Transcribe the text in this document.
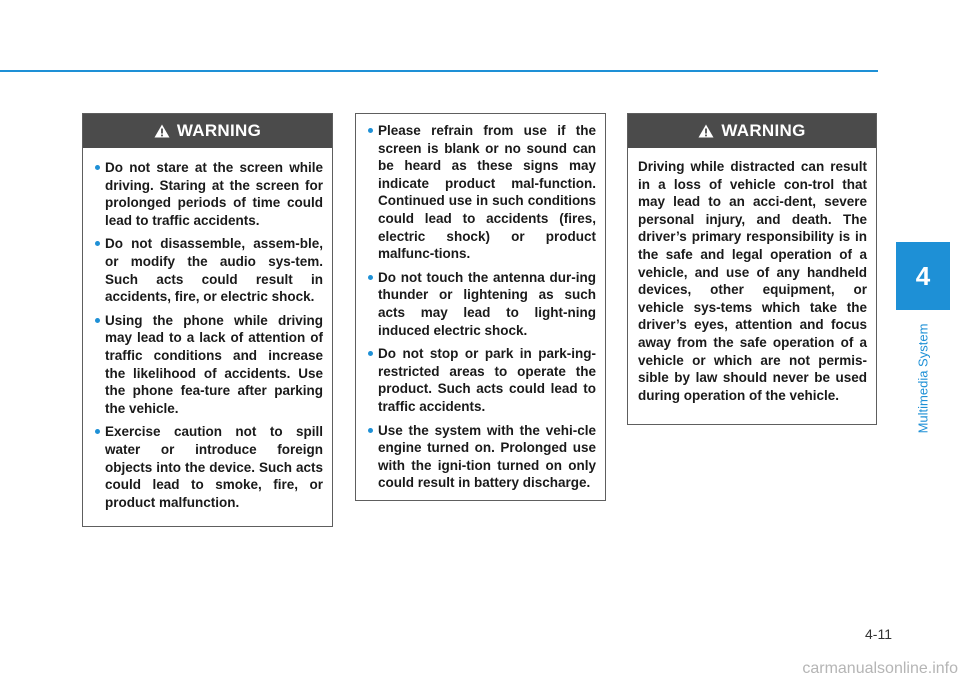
WARNING
Do not stare at the screen while driving. Staring at the screen for prolonged periods of time could lead to traffic accidents.
Do not disassemble, assem-ble, or modify the audio sys-tem. Such acts could result in accidents, fire, or electric shock.
Using the phone while driving may lead to a lack of attention of traffic conditions and increase the likelihood of accidents. Use the phone fea-ture after parking the vehicle.
Exercise caution not to spill water or introduce foreign objects into the device. Such acts could lead to smoke, fire, or product malfunction.
Please refrain from use if the screen is blank or no sound can be heard as these signs may indicate product mal-function. Continued use in such conditions could lead to accidents (fires, electric shock) or product malfunc-tions.
Do not touch the antenna dur-ing thunder or lightening as such acts may lead to light-ning induced electric shock.
Do not stop or park in park-ing-restricted areas to operate the product. Such acts could lead to traffic accidents.
Use the system with the vehi-cle engine turned on. Prolonged use with the igni-tion turned on only could result in battery discharge.
WARNING

Driving while distracted can result in a loss of vehicle con-trol that may lead to an acci-dent, severe personal injury, and death. The driver’s primary responsibility is in the safe and legal operation of a vehicle, and use of any handheld devices, other equipment, or vehicle sys-tems which take the driver’s eyes, attention and focus away from the safe operation of a vehicle or which are not permis-sible by law should never be used during operation of the vehicle.

4
Multimedia System
4-11
carmanualsonline.info
